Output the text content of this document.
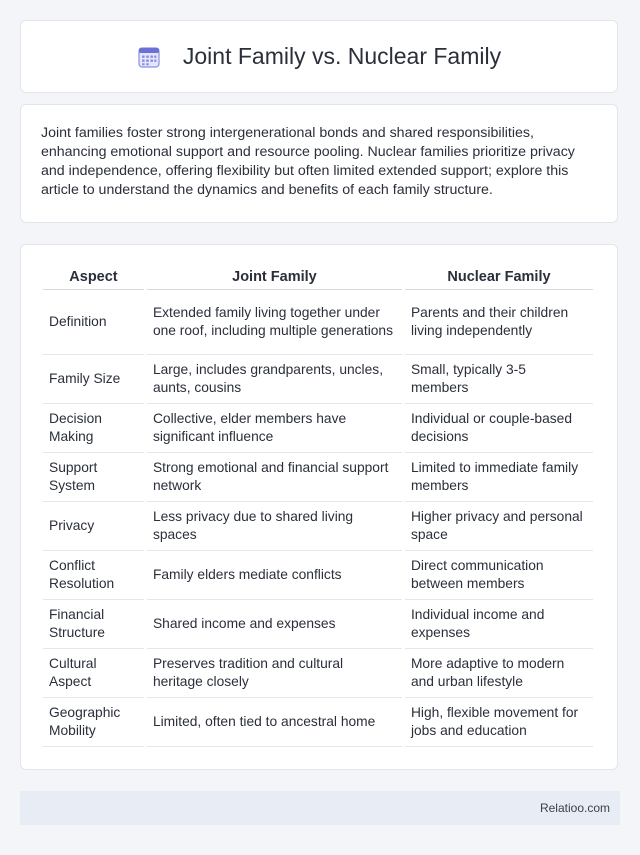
Joint Family vs. Nuclear Family

Joint families foster strong intergenerational bonds and shared responsibilities, enhancing emotional support and resource pooling. Nuclear families prioritize privacy and independence, offering flexibility but often limited extended support; explore this article to understand the dynamics and benefits of each family structure.

Aspect	Joint Family	Nuclear Family
Definition	Extended family living together under one roof, including multiple generations	Parents and their children living independently
Family Size	Large, includes grandparents, uncles, aunts, cousins	Small, typically 3-5 members
Decision Making	Collective, elder members have significant influence	Individual or couple-based decisions
Support System	Strong emotional and financial support network	Limited to immediate family members
Privacy	Less privacy due to shared living spaces	Higher privacy and personal space
Conflict Resolution	Family elders mediate conflicts	Direct communication between members
Financial Structure	Shared income and expenses	Individual income and expenses
Cultural Aspect	Preserves tradition and cultural heritage closely	More adaptive to modern and urban lifestyle
Geographic Mobility	Limited, often tied to ancestral home	High, flexible movement for jobs and education
Relatioo.com
